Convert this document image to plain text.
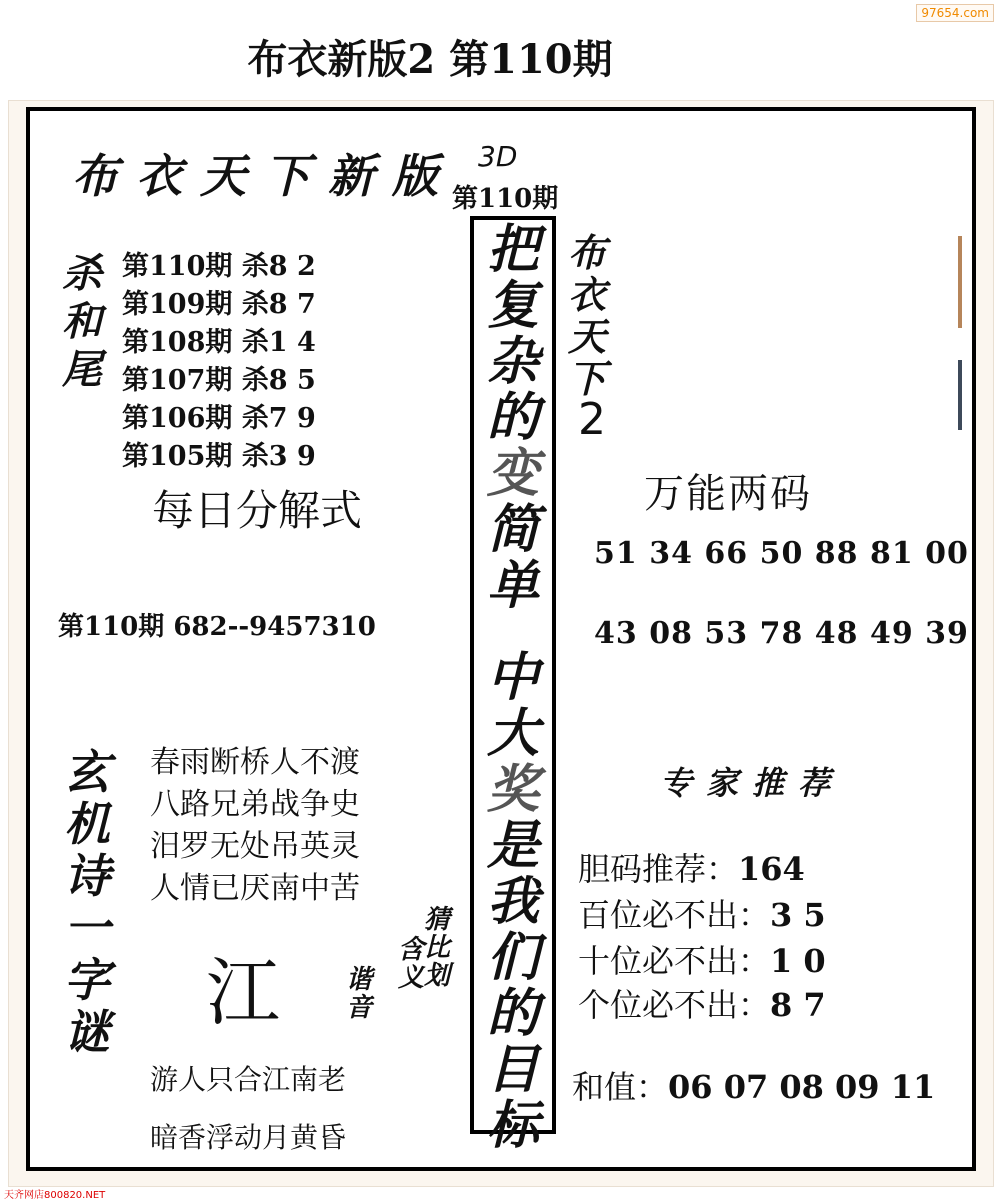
97654.com
布衣新版2 第110期
布衣天下新版 3D
第110期
杀
和
尾
第110期 杀8 2
第109期 杀8 7
第108期 杀1 4
第107期 杀8 5
第106期 杀7 9
第105期 杀3 9
每日分解式
第110期 682--9457310
把
复
杂
的
变
简
单
中
大
奖
是
我
们
的
目
标
布
衣
天
下
2
万能两码
51 34 66 50 88 81 00
43 08 53 78 48 49 39
专家推荐
胆码推荐：164
百位必不出：3 5
十位必不出：1 0
个位必不出：8 7
和值：06 07 08 09 11
玄
机
诗
一
字
谜
春雨断桥人不渡
八路兄弟战争史
汨罗无处吊英灵
人情已厌南中苦
江
猜
比
划
含
义
谐
音
游人只合江南老
暗香浮动月黄昏
天齐网店800820.NET
